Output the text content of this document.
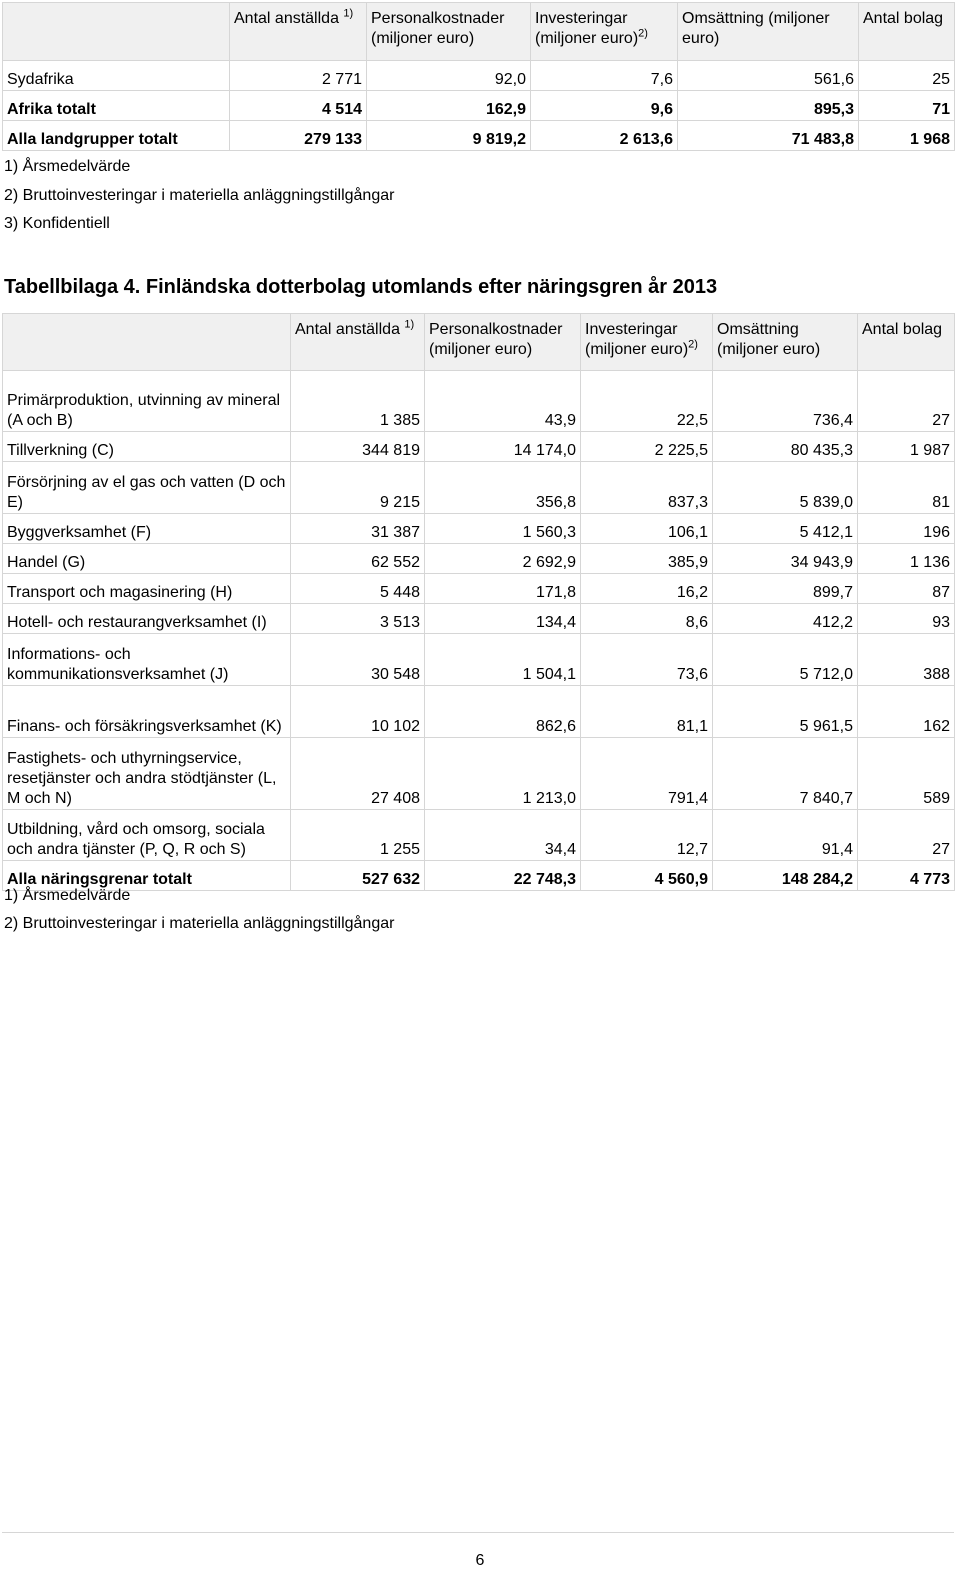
	Antal anställda $^{1)}$	Personalkostnader (miljoner euro)	Investeringar (miljoner euro)$^{2)}$	Omsättning (miljoner euro)	Antal bolag
Sydafrika	2 771	92,0	7,6	561,6	25
Afrika totalt	4 514	162,9	9,6	895,3	71
Alla landgrupper totalt	279 133	9 819,2	2 613,6	71 483,8	1 968
1) Årsmedelvärde
2) Bruttoinvesteringar i materiella anläggningstillgångar
3) Konfidentiell
Tabellbilaga 4. Finländska dotterbolag utomlands efter näringsgren år 2013
	Antal anställda $^{1)}$	Personalkostnader (miljoner euro)	Investeringar (miljoner euro)$^{2)}$	Omsättning (miljoner euro)	Antal bolag
Primärproduktion, utvinning av mineral (A och B)	1 385	43,9	22,5	736,4	27
Tillverkning (C)	344 819	14 174,0	2 225,5	80 435,3	1 987
Försörjning av el gas och vatten (D och E)	9 215	356,8	837,3	5 839,0	81
Byggverksamhet (F)	31 387	1 560,3	106,1	5 412,1	196
Handel (G)	62 552	2 692,9	385,9	34 943,9	1 136
Transport och magasinering (H)	5 448	171,8	16,2	899,7	87
Hotell- och restaurangverksamhet (I)	3 513	134,4	8,6	412,2	93
Informations- och kommunikationsverksamhet (J)	30 548	1 504,1	73,6	5 712,0	388
Finans- och försäkringsverksamhet (K)	10 102	862,6	81,1	5 961,5	162
Fastighets- och uthyrningservice, resetjänster och andra stödtjänster (L, M och N)	27 408	1 213,0	791,4	7 840,7	589
Utbildning, vård och omsorg, sociala och andra tjänster (P, Q, R och S)	1 255	34,4	12,7	91,4	27
Alla näringsgrenar totalt	527 632	22 748,3	4 560,9	148 284,2	4 773
1) Årsmedelvärde
2) Bruttoinvesteringar i materiella anläggningstillgångar
6
